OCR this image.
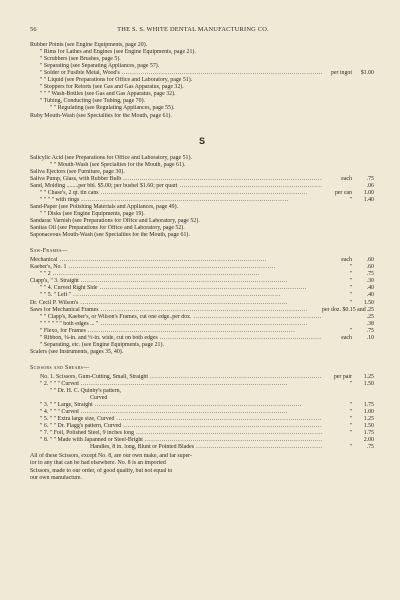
56	THE S. S. WHITE DENTAL MANUFACTURING CO.
Rubber Points (see Engine Equipments, page 20).
" Rims for Lathes and Engines (see Engine Equipments, page 21).
" Scrubbers (see Brushes, page 5).
" Separating (see Separating Appliances, page 57).
" Solder or Fusible Metal, Wood's .....	per ingot	$1.00
" " Liquid (see Preparations for Office and Laboratory, page 51).
" Stoppers for Retorts (see Gas and Gas Apparatus, page 32).
" " " Wash-Bottles (see Gas and Gas Apparatus, page 32).
" Tubing, Conducting (see Tubing, page 70).
" " Regulating (see Regulating Appliances, page 55).
Ruby Mouth-Wash (see Specialties for the Mouth, page 61).
S
Salicylic Acid (see Preparations for Office and Laboratory, page 51).
" " Mouth-Wash (see Specialties for the Mouth, page 61).
Saliva Ejectors (see Furniture, page 30).
Saliva Pump, Glass, with Rubber Bulb .....	each	.75
Sand, Molding ........per bbl. $5.00; per bushel $1.60; per quart .....	.06
" " Chase's, 2 qt. tin cans .....	per can	1.00
" " " " with rings .....	"	1.40
Sand-Paper (see Polishing Materials and Appliances, page 49).
" " Disks (see Engine Equipments, page 19).
Sandarac Varnish (see Preparations for Office and Laboratory, page 52).
Sanitas Oil (see Preparations for Office and Laboratory, page 52).
Saponaceous Mouth-Wash (see Specialties for the Mouth, page 61).
Saw-Frames—
Mechanical .....	each	.60
Kaeber's, No. 1 .....	"	.60
" " 2 .....	"	.75
Clapp's, " 3. Straight .....	"	.30
" " 4. Curved Right Side .....	"	.40
" " 5. " Left " .....	"	.40
Dr. Cecil P. Wilson's .....	"	1.50
Saws for Mechanical Frames .....	per doz. $0.15 and .25
" " Clapp's, Kaeber's, or Wilson's Frames, cut one edge..per doz. .....	.25
" " " " " " both edges ... " .....	.38
" Flexo, for Frames .....	"	.75
" Ribbon, ⅜-in. and ½-in. wide, cut on both edges .....	each	.10
" Separating, etc. (see Engine Equipments, page 21).
Scalers (see Instruments, pages 35, 40).
Scissors and Shears—
No. 1. Scissors, Gum-Cutting, Small, Straight .....	per pair	1.25
" 2. " " " Curved .....	"	1.50
" " Dr. H. C. Quinby's pattern,
Curved
" 3. " " Large, Straight .....	"	1.75
" 4. " " " Curved .....	"	1.00
" 5. " " Extra large size, Curved .....	"	1.25
" 6. " " Dr. Flagg's pattern, Curved .....	"	1.50
" 7. " Foil, Polished Steel, 9 inches long .....	"	1.75
" 8. " " Made with Japanned or Steel-Bright .....	2.00
Handles, 8 in. long, Blunt or Pointed Blades .....	"	.75
All of these Scissors, except No. 8, are our own make, and far super-
ior to any that can be had elsewhere. No. 8 is an imported
Scissors, made to our order, of good quality, but not equal to
our own manufacture.
